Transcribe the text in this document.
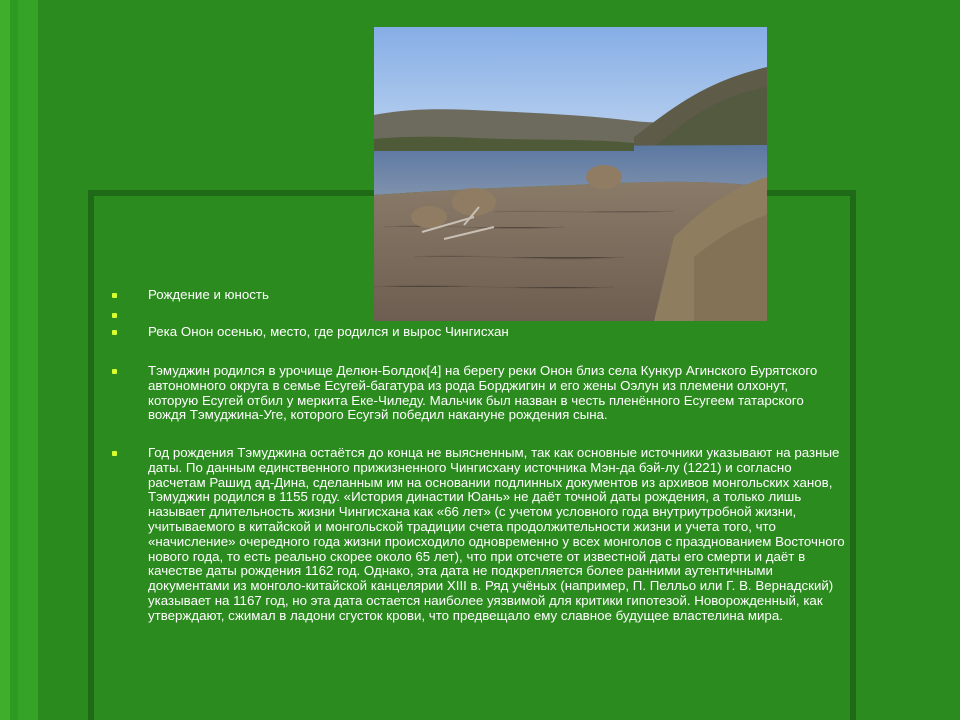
Рождение и юность
Река Онон осенью, место, где родился и вырос Чингисхан
Тэмуджин родился в урочище Делюн-Болдок[4] на берегу реки Онон близ села Кункур Агинского Бурятского автономного округа в семье Есугей-багатура из рода Борджигин и его жены Оэлун из племени олхонут, которую Есугей отбил у меркита Еке-Чиледу. Мальчик был назван в честь пленённого Есугеем татарского вождя Тэмуджина-Уге, которого Есугэй победил накануне рождения сына.
Год рождения Тэмуджина остаётся до конца не выясненным, так как основные источники указывают на разные даты. По данным единственного прижизненного Чингисхану источника Мэн-да бэй-лу (1221) и согласно расчетам Рашид ад-Дина, сделанным им на основании подлинных документов из архивов монгольских ханов, Тэмуджин родился в 1155 году. «История династии Юань» не даёт точной даты рождения, а только лишь называет длительность жизни Чингисхана как «66 лет» (с учетом условного года внутриутробной жизни, учитываемого в китайской и монгольской традиции счета продолжительности жизни и учета того, что «начисление» очередного года жизни происходило одновременно у всех монголов с празднованием Восточного нового года, то есть реально скорее около 65 лет), что при отсчете от известной даты его смерти и даёт в качестве даты рождения 1162 год. Однако, эта дата не подкрепляется более ранними аутентичными документами из монголо-китайской канцелярии XIII в. Ряд учёных (например, П. Пелльо или Г. В. Вернадский) указывает на 1167 год, но эта дата остается наиболее уязвимой для критики гипотезой. Новорожденный, как утверждают, сжимал в ладони сгусток крови, что предвещало ему славное будущее властелина мира.
